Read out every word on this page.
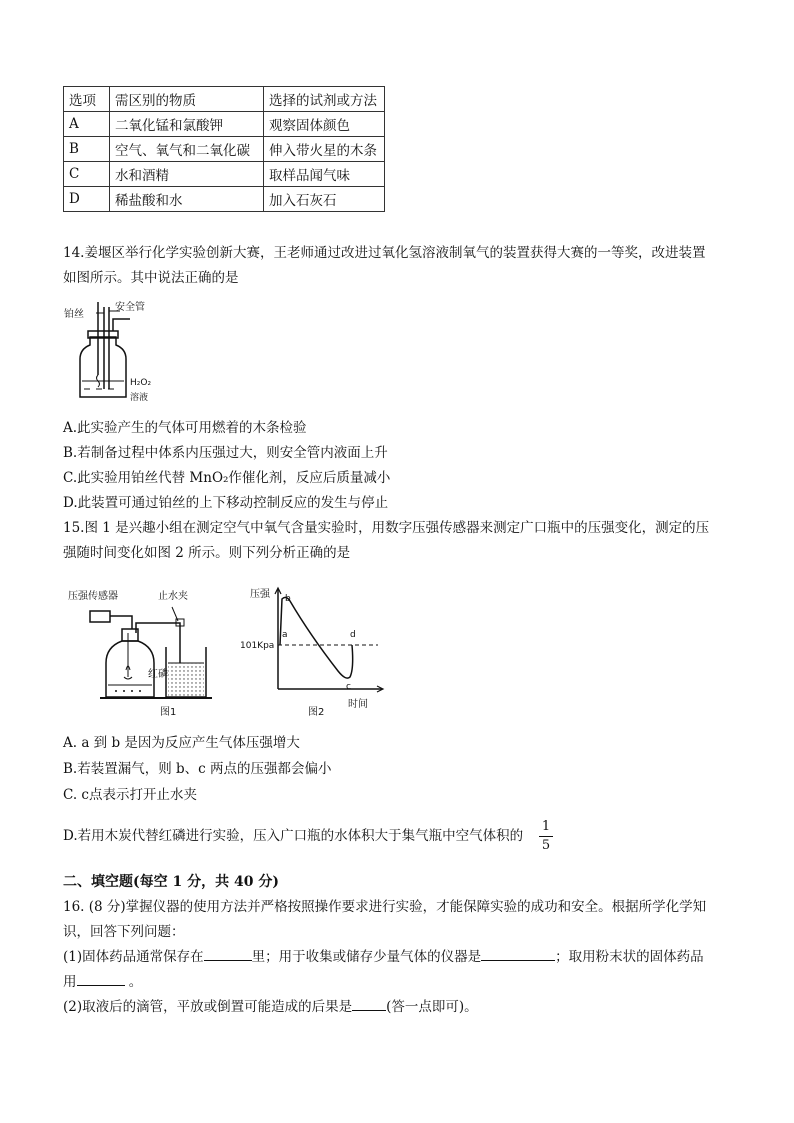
选项	需区别的物质	选择的试剂或方法
A	二氧化锰和氯酸钾	观察固体颜色
B	空气、氧气和二氧化碳	伸入带火星的木条
C	水和酒精	取样品闻气味
D	稀盐酸和水	加入石灰石
14.姜堰区举行化学实验创新大赛，王老师通过改进过氧化氢溶液制氧气的装置获得大赛的一等奖，改进装置
如图所示。其中说法正确的是
铂丝
安全管
H₂O₂
溶液
A.此实验产生的气体可用燃着的木条检验
B.若制备过程中体系内压强过大，则安全管内液面上升
C.此实验用铂丝代替 MnO₂作催化剂，反应后质量减小
D.此装置可通过铂丝的上下移动控制反应的发生与停止
15.图 1 是兴趣小组在测定空气中氧气含量实验时，用数字压强传感器来测定广口瓶中的压强变化，测定的压
强随时间变化如图 2 所示。则下列分析正确的是
压强传感器	止水夹
红磷
图1
压强
101Kpa
a
b
c
d
时间
图2
A. a 到 b 是因为反应产生气体压强增大
B.若装置漏气，则 b、c 两点的压强都会偏小
C. c点表示打开止水夹
D.若用木炭代替红磷进行实验，压入广口瓶的水体积大于集气瓶中空气体积的
1
5
二、填空题(每空 1 分，共 40 分)
16. (8 分)掌握仪器的使用方法并严格按照操作要求进行实验，才能保障实验的成功和安全。根据所学化学知
识，回答下列问题：
(1)固体药品通常保存在	里；用于收集或储存少量气体的仪器是	；取用粉末状的固体药品
用	。
(2)取液后的滴管，平放或倒置可能造成的后果是	(答一点即可)。
